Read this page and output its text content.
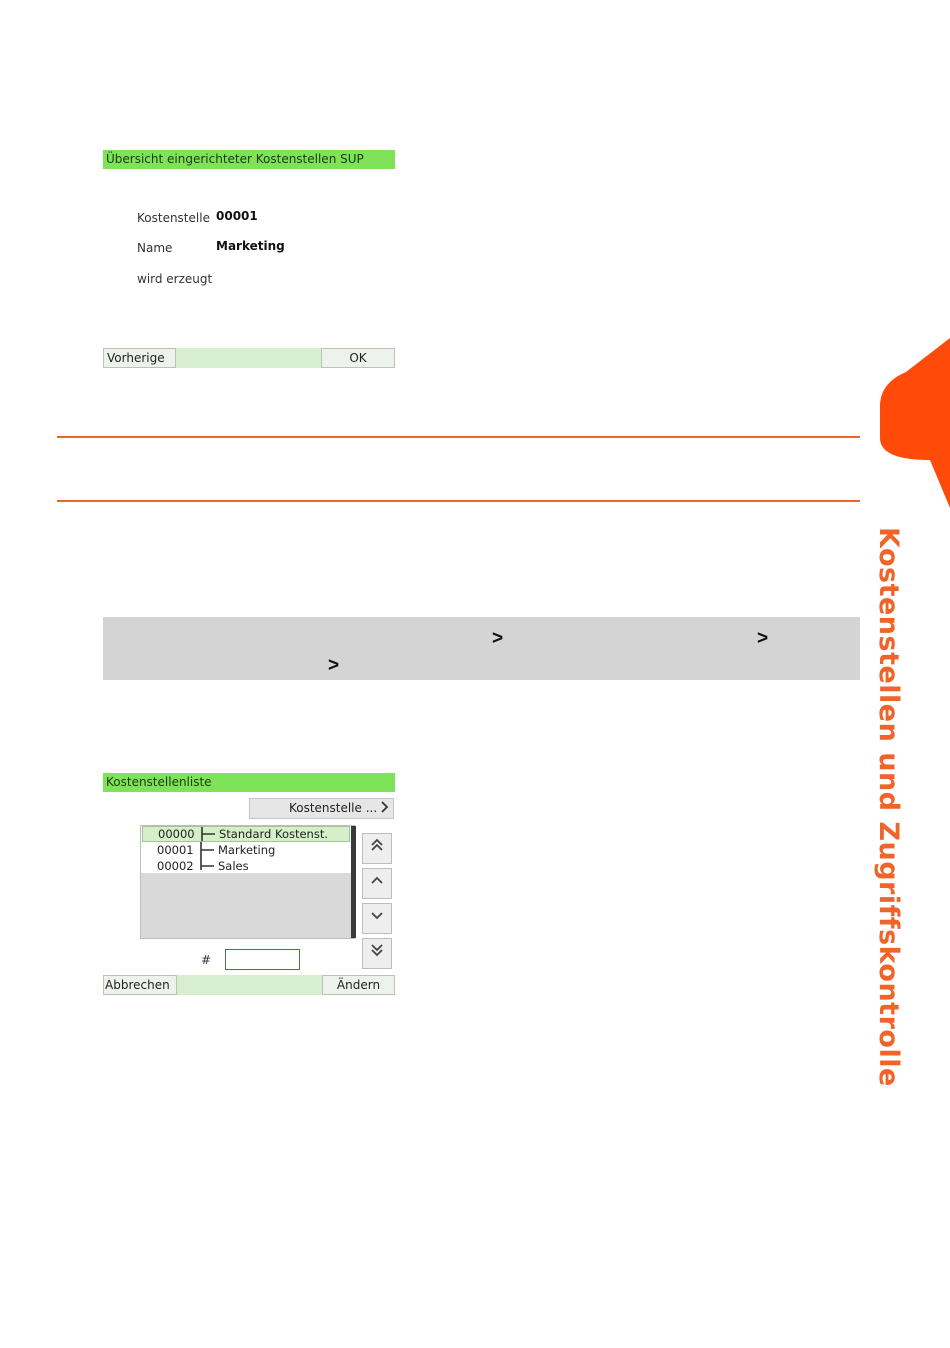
Übersicht eingerichteter Kostenstellen SUP
Kostenstelle 00001
Name	Marketing
wird erzeugt
Vorherige	OK
>	>
>
Kostenstellenliste
Kostenstelle ...
00000 Standard Kostenst.
00001 Marketing
00002 Sales
#
Abbrechen	Ändern	Kostenstellen und Zugriffskontrolle
